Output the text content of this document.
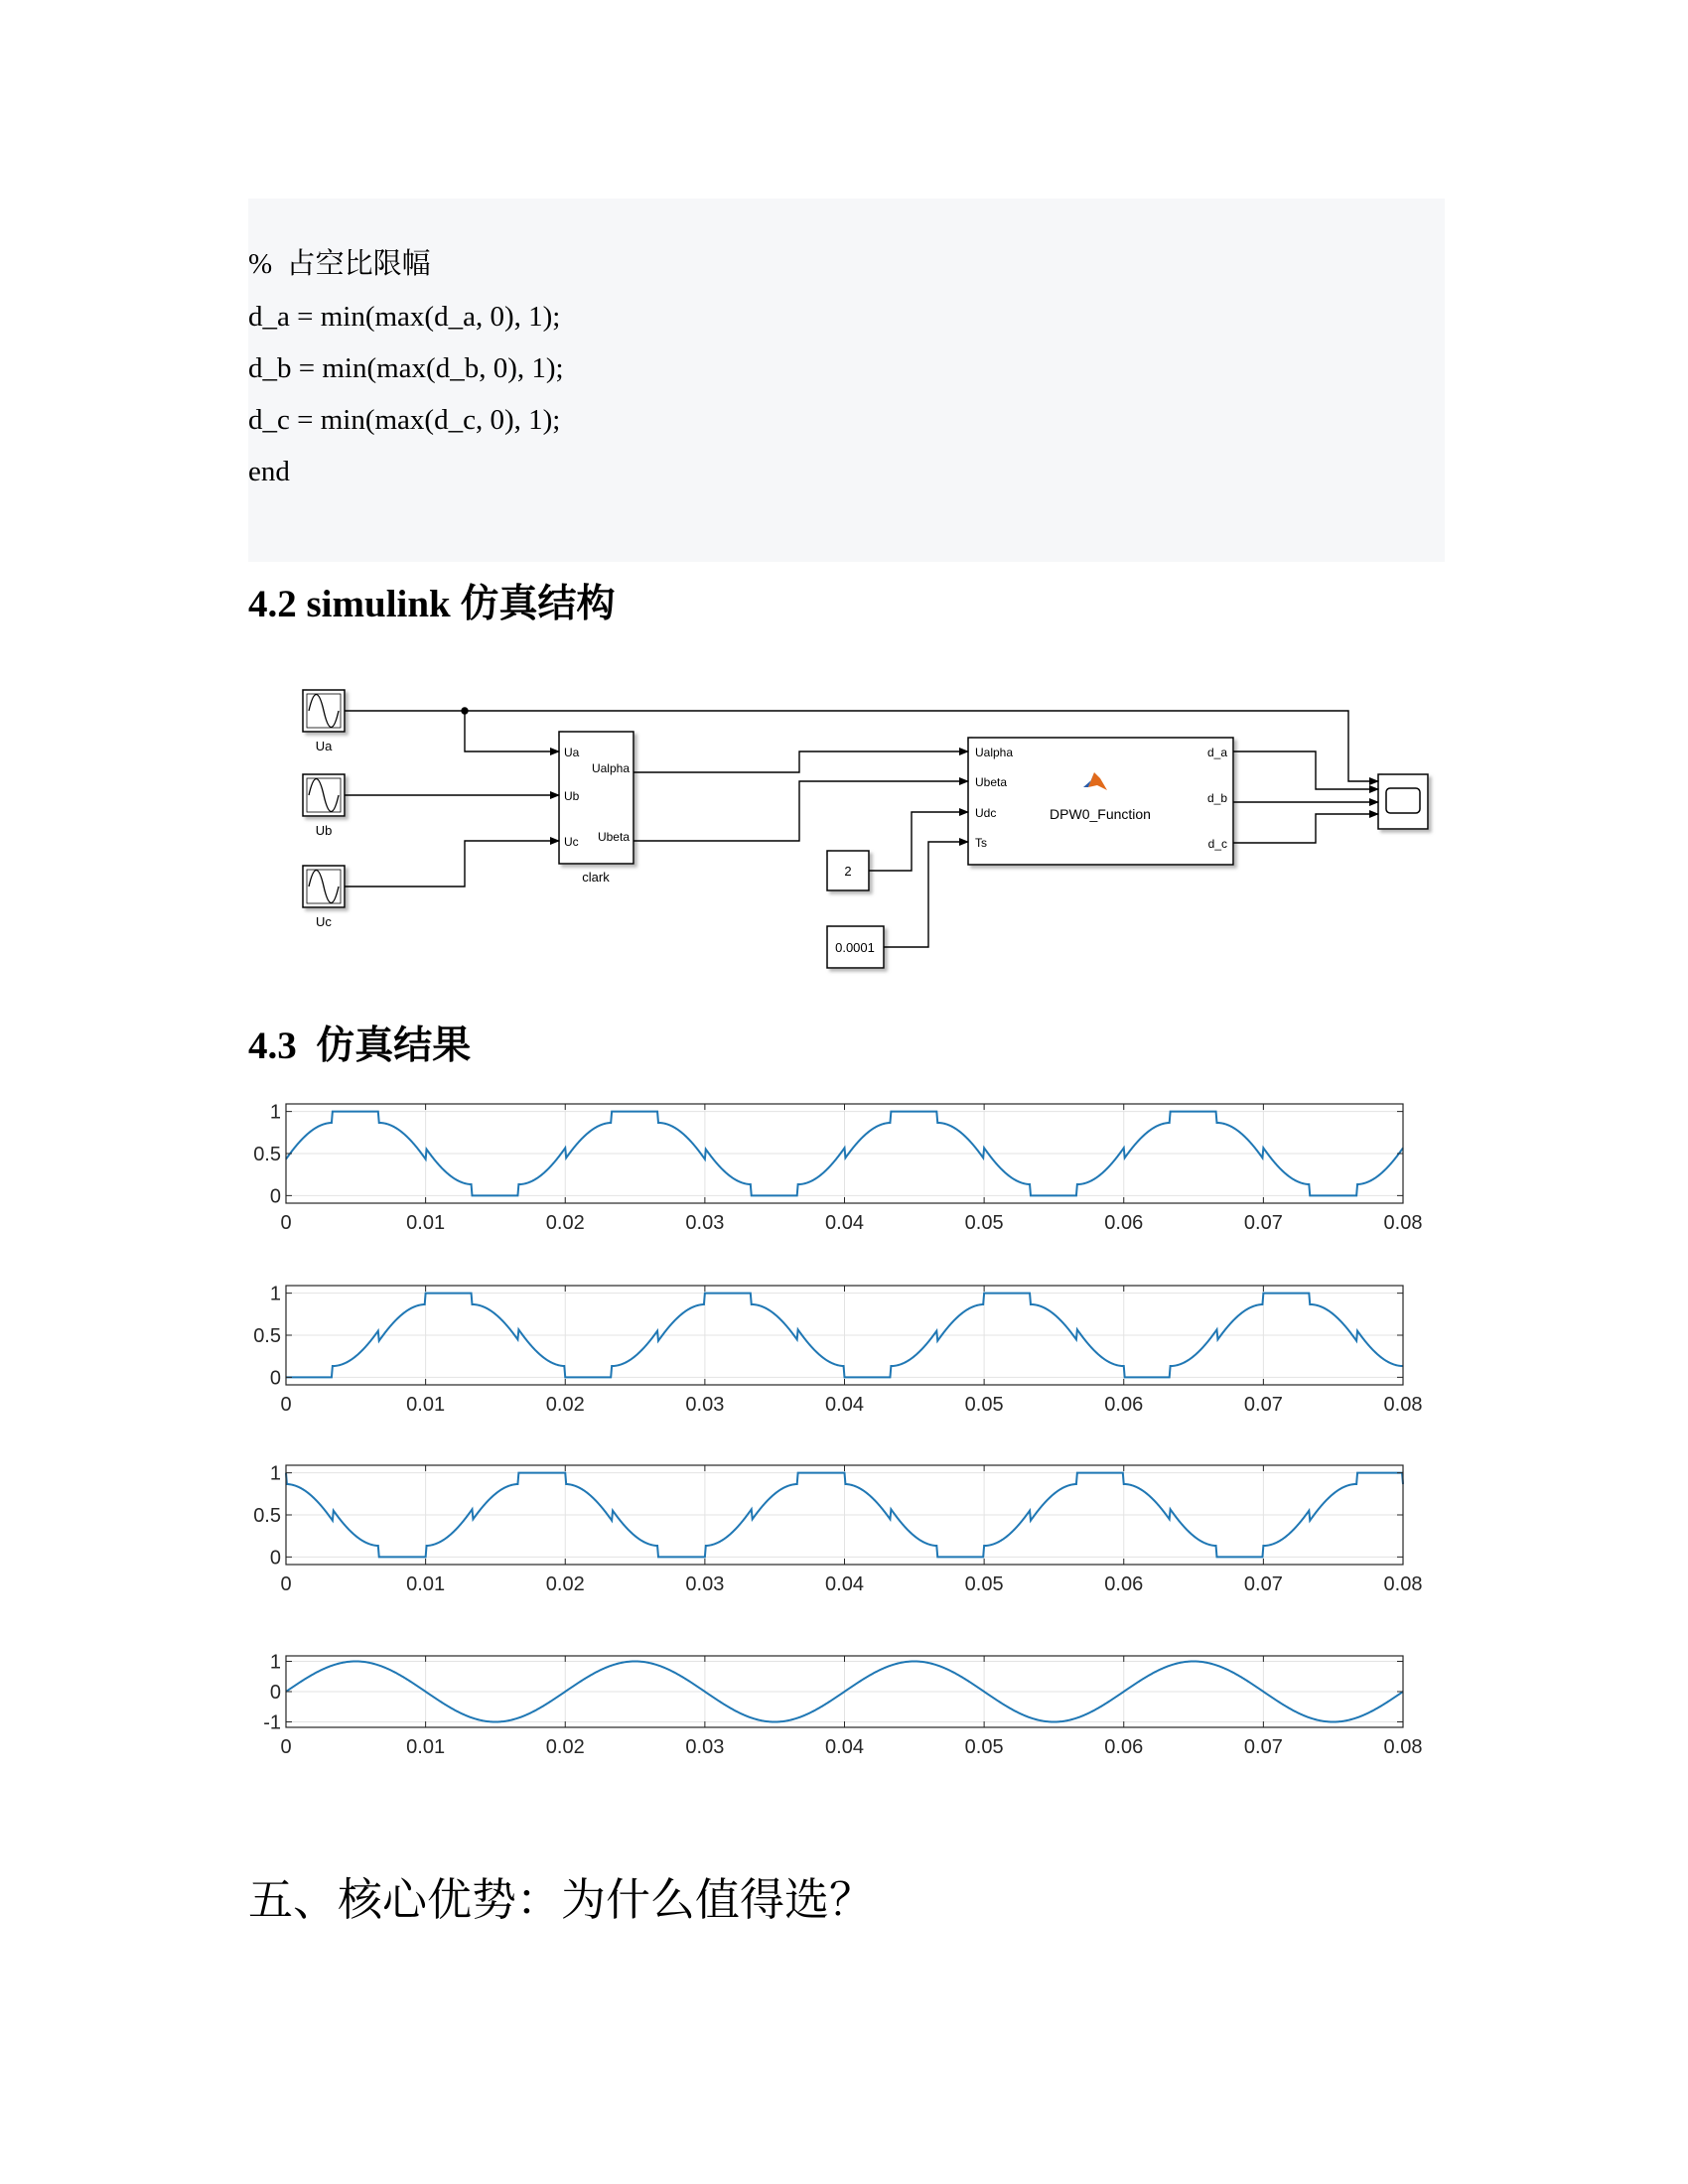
%  占空比限幅
d_a = min(max(d_a, 0), 1);
d_b = min(max(d_b, 0), 1);
d_c = min(max(d_c, 0), 1);
end
4.2 simulink 仿真结构
Ua
Ub
Uc
Ua
Ub
Uc
Ualpha
Ubeta
clark
Ualpha
Ubeta
Udc
Ts
d_a
d_b
d_c
DPW0_Function
2
0.0001
4.3  仿真结果
0	0.01	0.02	0.03	0.04	0.05	0.06	0.07	0.08
0
0.5
1
0	0.01	0.02	0.03	0.04	0.05	0.06	0.07	0.08
0
0.5
1
0	0.01	0.02	0.03	0.04	0.05	0.06	0.07	0.08
0
0.5
1
0	0.01	0.02	0.03	0.04	0.05	0.06	0.07	0.08
-1
0
1
五、核心优势：为什么值得选？
